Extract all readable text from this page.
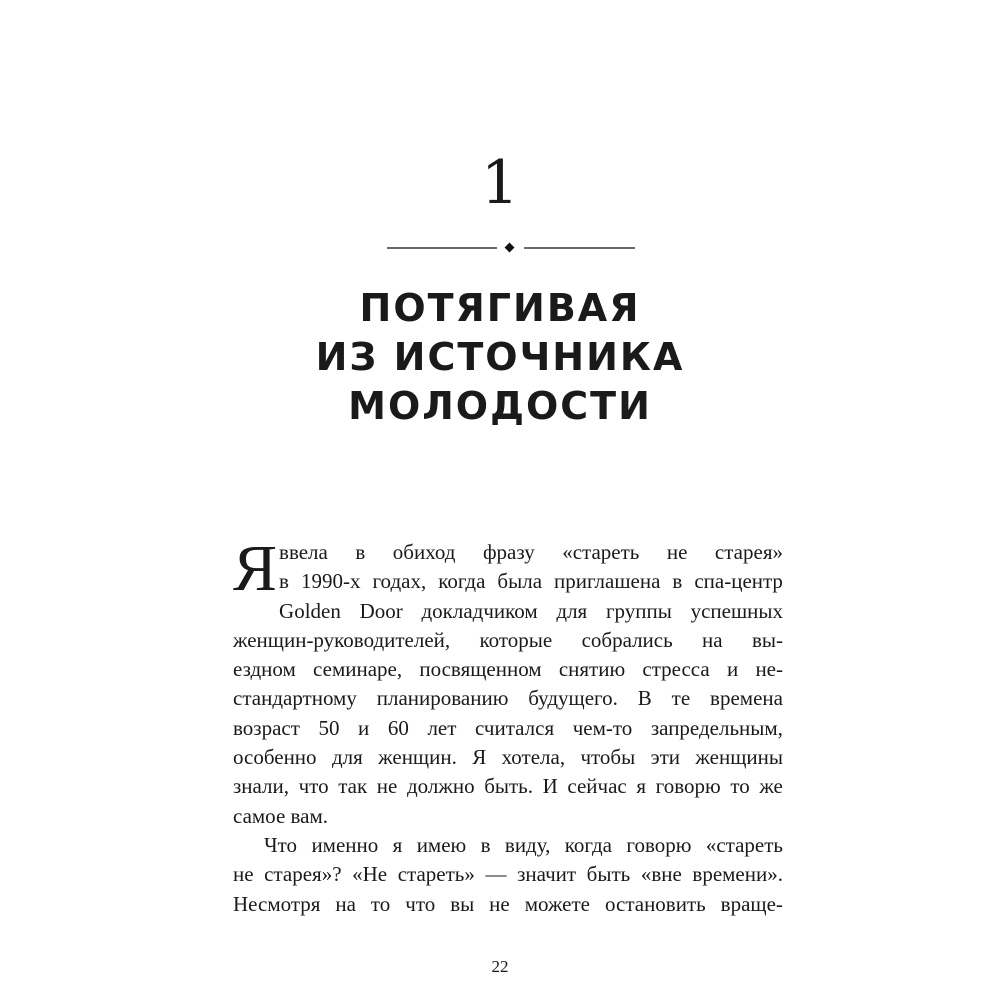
1
ПОТЯГИВАЯ
ИЗ ИСТОЧНИКА
МОЛОДОСТИ
Я ввела в обиход фразу «стареть не старея»
в 1990-х годах, когда была приглашена в спа-центр
Golden Door докладчиком для группы успешных
женщин-руководителей, которые собрались на вы-
ездном семинаре, посвященном снятию стресса и не-
стандартному планированию будущего. В те времена
возраст 50 и 60 лет считался чем-то запредельным,
особенно для женщин. Я хотела, чтобы эти женщины
знали, что так не должно быть. И сейчас я говорю то же
самое вам.
Что именно я имею в виду, когда говорю «стареть
не старея»? «Не стареть» — значит быть «вне времени».
Несмотря на то что вы не можете остановить враще-
22
